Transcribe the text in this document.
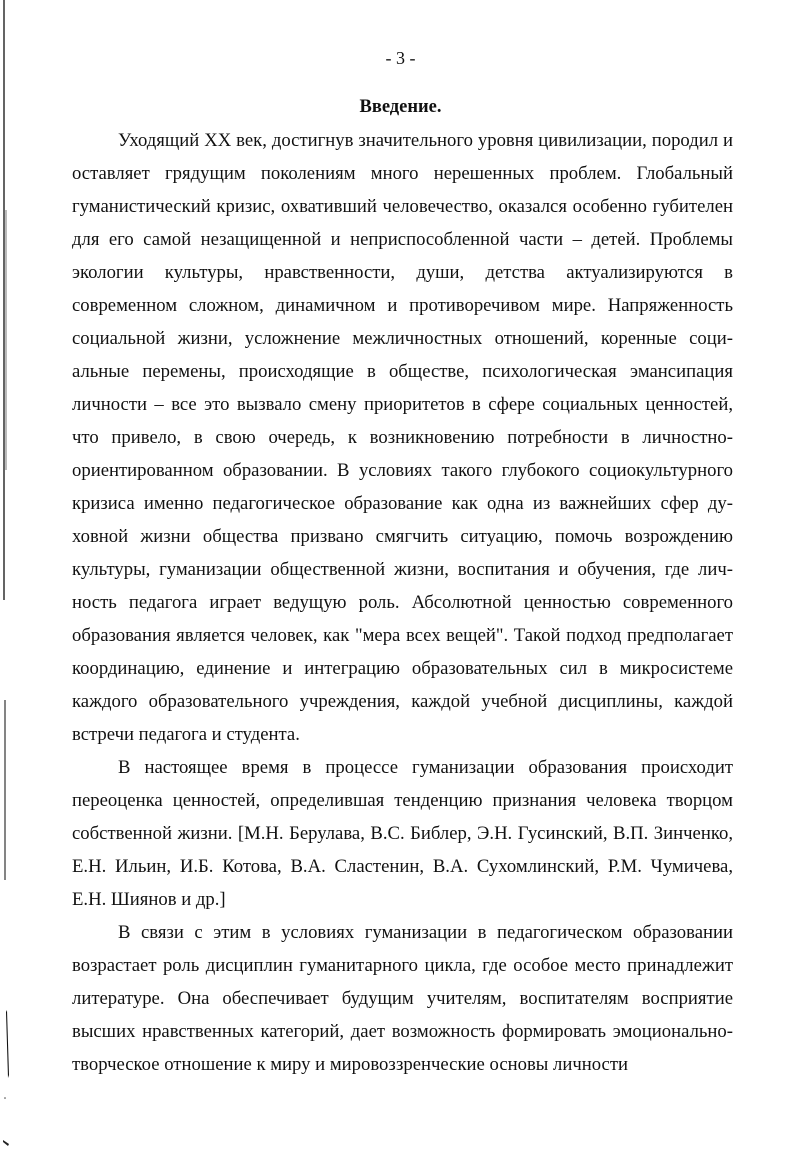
- 3 -
Введение.

Уходящий XX век, достигнув значительного уровня цивилизации, породил и оставляет грядущим поколениям много нерешенных проблем. Глобальный гуманистический кризис, охвативший человечество, оказался особенно губителен для его самой незащищенной и неприспособленной части – детей. Проблемы экологии культуры, нравственности, души, детства актуализируются в современном сложном, динамичном и противоречивом мире. Напряженность социальной жизни, усложнение межличностных отношений, коренные социальные перемены, происходящие в обществе, психологическая эмансипация личности – все это вызвало смену приоритетов в сфере социальных ценностей, что привело, в свою очередь, к возникновению потребности в личностно-ориентированном образовании. В условиях такого глубокого социокультурного кризиса именно педагогическое образование как одна из важнейших сфер духовной жизни общества призвано смягчить ситуацию, помочь возрождению культуры, гуманизации общественной жизни, воспитания и обучения, где личность педагога играет ведущую роль. Абсолютной ценностью современного образования является человек, как "мера всех вещей". Такой подход предполагает координацию, единение и интеграцию образовательных сил в микросистеме каждого образовательного учреждения, каждой учебной дисциплины, каждой встречи педагога и студента.

В настоящее время в процессе гуманизации образования происходит переоценка ценностей, определившая тенденцию признания человека творцом собственной жизни. [М.Н. Берулава, В.С. Библер, Э.Н. Гусинский, В.П. Зинченко, Е.Н. Ильин, И.Б. Котова, В.А. Сластенин, В.А. Сухомлинский, Р.М. Чумичева, Е.Н. Шиянов и др.]

В связи с этим в условиях гуманизации в педагогическом образовании возрастает роль дисциплин гуманитарного цикла, где особое место принадлежит литературе. Она обеспечивает будущим учителям, воспитателям восприятие высших нравственных категорий, дает возможность формировать эмоционально-творческое отношение к миру и мировоззренческие основы личности
